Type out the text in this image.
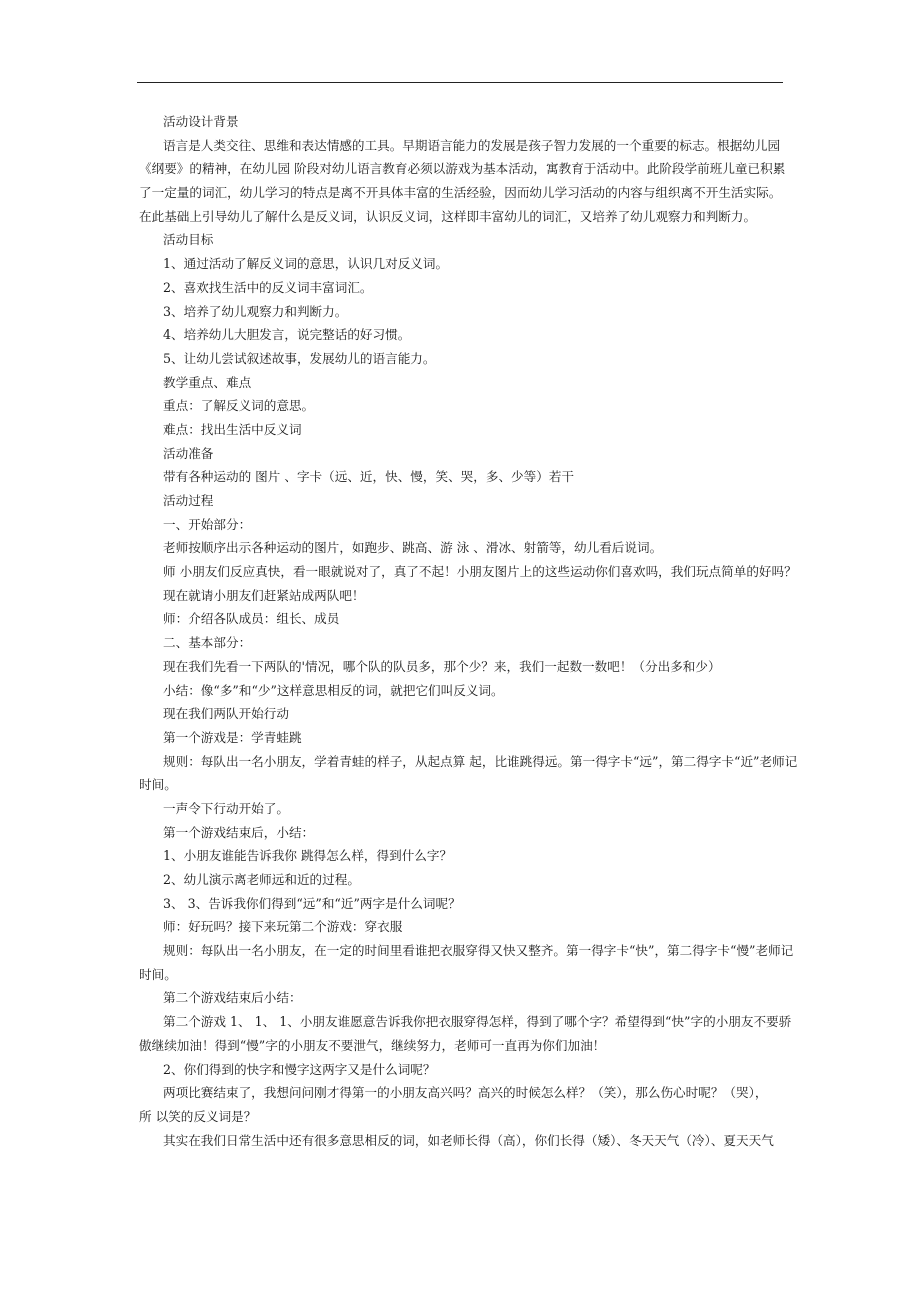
活动设计背景
语言是人类交往、思维和表达情感的工具。早期语言能力的发展是孩子智力发展的一个重要的标志。根据幼儿园
《纲要》的精神，在幼儿园 阶段对幼儿语言教育必须以游戏为基本活动，寓教育于活动中。此阶段学前班儿童已积累
了一定量的词汇，幼儿学习的特点是离不开具体丰富的生活经验，因而幼儿学习活动的内容与组织离不开生活实际。
在此基础上引导幼儿了解什么是反义词，认识反义词，这样即丰富幼儿的词汇，又培养了幼儿观察力和判断力。
活动目标
1、通过活动了解反义词的意思，认识几对反义词。
2、喜欢找生活中的反义词丰富词汇。
3、培养了幼儿观察力和判断力。
4、培养幼儿大胆发言，说完整话的好习惯。
5、让幼儿尝试叙述故事，发展幼儿的语言能力。
教学重点、难点
重点：了解反义词的意思。
难点：找出生活中反义词
活动准备
带有各种运动的 图片 、字卡（远、近，快、慢，笑、哭，多、少等）若干
活动过程
一、开始部分：
老师按顺序出示各种运动的图片，如跑步、跳高、游 泳 、滑冰、射箭等，幼儿看后说词。
师 小朋友们反应真快，看一眼就说对了，真了不起！小朋友图片上的这些运动你们喜欢吗，我们玩点简单的好吗？
现在就请小朋友们赶紧站成两队吧！
师：介绍各队成员：组长、成员
二、基本部分：
现在我们先看一下两队的'情况，哪个队的队员多，那个少？来，我们一起数一数吧！（分出多和少）
小结：像“多”和“少”这样意思相反的词，就把它们叫反义词。
现在我们两队开始行动
第一个游戏是：学青蛙跳
规则：每队出一名小朋友，学着青蛙的样子，从起点算 起，比谁跳得远。第一得字卡“远”，第二得字卡“近”老师记
时间。
一声令下行动开始了。
第一个游戏结束后，小结：
1、小朋友谁能告诉我你 跳得怎么样，得到什么字？
2、幼儿演示离老师远和近的过程。
3、 3、告诉我你们得到“远”和“近”两字是什么词呢？
师：好玩吗？接下来玩第二个游戏：穿衣服
规则：每队出一名小朋友，在一定的时间里看谁把衣服穿得又快又整齐。第一得字卡“快”，第二得字卡“慢”老师记
时间。
第二个游戏结束后小结：
第二个游戏 1、 1、 1、小朋友谁愿意告诉我你把衣服穿得怎样，得到了哪个字？希望得到“快”字的小朋友不要骄
傲继续加油！得到“慢”字的小朋友不要泄气，继续努力，老师可一直再为你们加油！
2、你们得到的快字和慢字这两字又是什么词呢？
两项比赛结束了，我想问问刚才得第一的小朋友高兴吗？高兴的时候怎么样？（笑），那么伤心时呢？（哭），
所 以笑的反义词是？
其实在我们日常生活中还有很多意思相反的词，如老师长得（高），你们长得（矮）、冬天天气（冷）、夏天天气
